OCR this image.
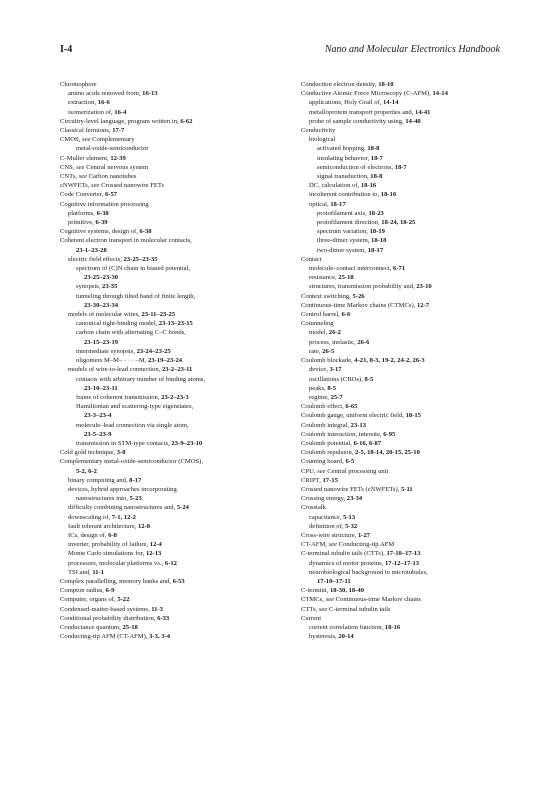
I-4	Nano and Molecular Electronics Handbook
Chromophore
amino acids removed from, 16-13
extraction, 16-6
isomerization of, 16-4
Circuitry-level language, program written in, 6-62
Classical fermions, 17-7
CMOS, see Complementary
metal-oxide-semiconductor
C-Muller element, 12-39
CNS, see Central nervous system
CNTs, see Carbon nanotubes
cNWFETs, see Crossed nanowire FETs
Code Converter, 6-57
Cognitive information processing
platforms, 6-38
primitive, 6-39
Cognitive systems, design of, 6-38
Coherent electron transport in molecular contacts,
23-1–23-28
electric field effects, 23-25–23-35
spectrum of (C)N chain in biased potential,
23-25–23-30
synopsis, 23-35
tunneling through tilted band of finite length,
23-30–23-34
models of molecular wires, 23-11–23-25
canonical tight-binding model, 23-13–23-15
carbon chain with alternating C–C bonds,
23-15–23-19
intermediate synopsis, 23-24–23-25
oligomers M–M– · · · –M, 23-19–23-24
models of wire-to-lead connection, 23-2–23-11
contacts with arbitrary number of binding atoms,
23-10–23-11
frame of coherent transmission, 23-2–23-3
Hamiltonian and scattering-type eigenstates,
23-3–23-4
molecule–lead connection via single atom,
23-5–23-9
transmission in STM-type contacts, 23-9–23-10
Cold gold technique, 3-8
Complementary metal-oxide-semiconductor (CMOS),
5-2, 6-2
binary computing and, 8-17
devices, hybrid approaches incorporating
nanostructures into, 5-23
difficulty combining nanostructures and, 5-24
downscaling of, 7-1, 12-2
fault tolerant architecture, 12-8
ICs, design of, 6-8
inverter, probability of failure, 12-4
Monte Carlo simulations for, 12-13
processors, molecular platforms vs., 6-12
TSI and, 11-1
Complex parallelling, memory banks and, 6-53
Compton radius, 6-9
Computer, organs of, 5-22
Condensed-matter-based systems, 11-3
Conditional probability distribution, 6-33
Conductance quantum, 25-18
Conducting-tip AFM (CT-AFM), 3-3, 3-4
Conduction electron density, 18-10
Conductive Atomic Force Microscopy (C-AFM), 14-14
applications, Holy Grail of, 14-14
metalloprotein transport properties and, 14-41
probe of sample conductivity using, 14-40
Conductivity
biological
activated hopping, 18-8
insulating behavior, 18-7
semiconduction of electrons, 18-7
signal transduction, 18-8
DC, calculation of, 18-16
incoherent contribution to, 18-16
optical, 18-17
protofilament axis, 18-23
protofilament direction, 18-24, 18-25
spectrum variation, 18-19
three-dimer system, 18-18
two-dimer system, 18-17
Contact
molecule–contact interconnect, 6-71
resistance, 25-18
structures, transmission probability and, 23-10
Context switching, 5-26
Continuous-time Markov chains (CTMCs), 12-7
Control barrel, 6-6
Cotunneling
model, 26-2
process, inelastic, 26-6
rate, 26-5
Coulomb blockade, 4-21, 8-3, 19-2, 24-2, 26-3
device, 3-17
oscillations (CBOs), 8-5
peaks, 8-5
regime, 25-7
Coulomb effect, 6-65
Coulomb gauge, uniform electric field, 18-15
Coulomb integral, 23-13
Coulomb interaction, intersite, 6-95
Coulomb potential, 6-16, 6-87
Coulomb repulsion, 2-5, 18-14, 20-15, 25-10
Counting board, 6-5
CPU, see Central processing unit
CRIPT, 17-15
Crossed nanowire FETs (cNWFETs), 5-11
Crossing energy, 23-34
Crosstalk
capacitance, 5-13
definition of, 5-32
Cross-wire structure, 1-27
CT-AFM, see Conducting-tip AFM
C-terminal tubulin tails (CTTs), 17-10–17-13
dynamics of motor proteins, 17-12–17-13
neurobiological background to microtubules,
17-10–17-11
C-termini, 18-30, 18-40
CTMCs, see Continuous-time Markov chains
CTTs, see C-terminal tubulin tails
Current
current correlation function, 18-16
hysteresis, 20-14
